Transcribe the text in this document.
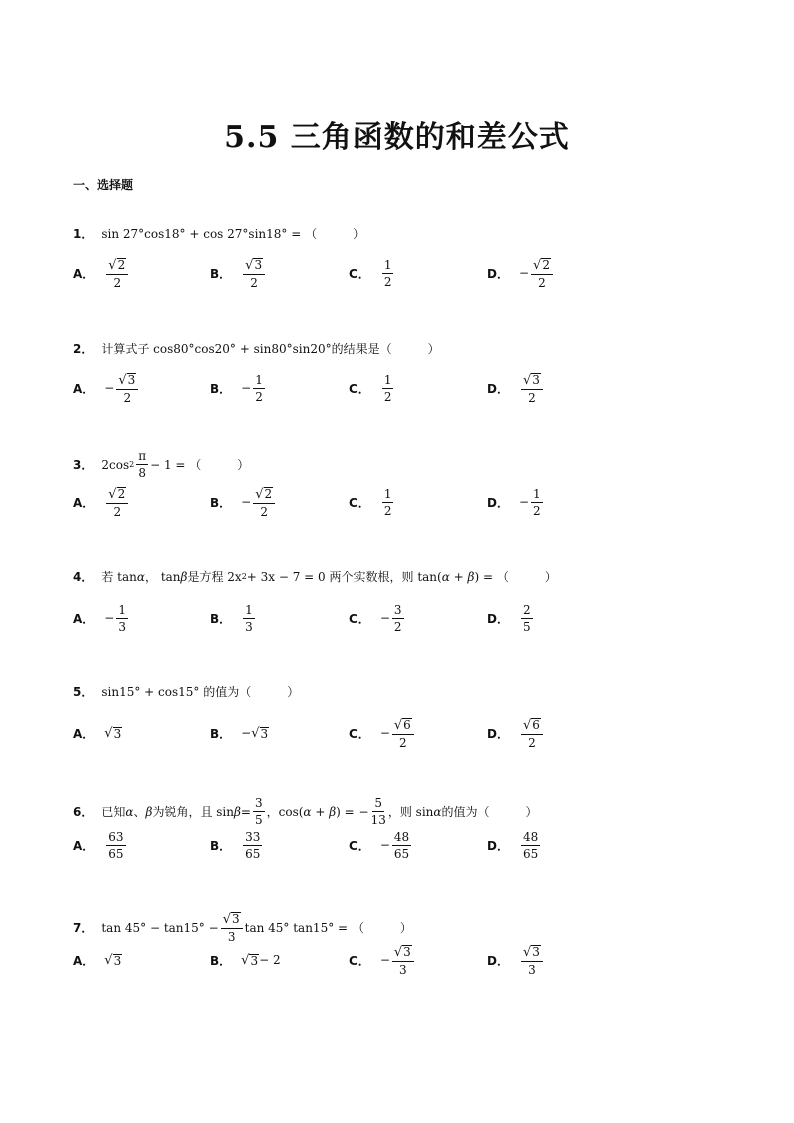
5.5 三角函数的和差公式
一、选择题
1． sin 27°cos18° + cos 27°sin18° = （　　　）
A． $\frac{√ 2}{2}$	B． $\frac{√ 3}{2}$	C． $\frac{1}{2}$	D． − $\frac{√ 2}{2}$
2． 计算式子 cos80°cos20° + sin80°sin20°的结果是（　　　）
A． − $\frac{√ 3}{2}$	B． − $\frac{1}{2}$	C． $\frac{1}{2}$	D． $\frac{√ 3}{2}$
3． 2cos $2 \frac{\pi}{8} - 1$ = （　　　）
A． $\frac{√ 2}{2}$	B． − $\frac{√ 2}{2}$	C． $\frac{1}{2}$	D． − $\frac{1}{2}$
4． 若 tan α ， tan β 是方程 2x 2 + 3x − 7 = 0 两个实数根，则 tan( α + β ) = （　　　）
A． − $\frac{1}{3}$	B． $\frac{1}{3}$	C． − $\frac{3}{2}$	D． $\frac{2}{5}$
5． sin15° + cos15° 的值为（　　　）
A． √ 3	B． − √ 3	C． − $\frac{√ 6}{2}$	D． $\frac{√ 6}{2}$
6． 已知 α 、 β 为锐角，且 $\sin \beta = \frac{3}{5}$ ，cos( α + β ) = − $\frac{5}{13}$ ，则 sin α 的值为（　　　）
A． $\frac{63}{65}$	B． $\frac{33}{65}$	C． − $\frac{48}{65}$	D． $\frac{48}{65}$
7． $\tan 45^\circ - \tan 15^\circ - \frac{√ 3}{3}$ tan 45° tan15° = （　　　）
A． √ 3	B． √ 3 − 2	C． − $\frac{√ 3}{3}$	D． $\frac{√ 3}{3}$
